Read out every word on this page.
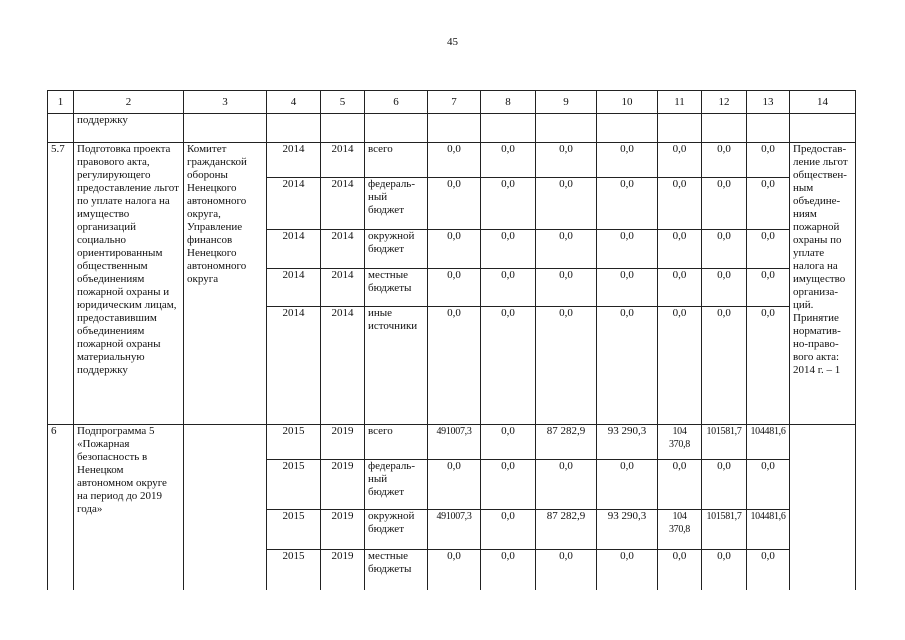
45
1	2	3	4	5	6	7	8	9	10	11	12	13	14
	поддержку												
5.7	Подготовка проекта правового акта, регулирующего предоставление льгот по уплате налога на имущество организаций социально ориентированным общественным объединениям пожарной охраны и юридическим лицам, предоставившим объединениям пожарной охраны материальную поддержку	Комитет гражданской обороны Ненецкого автономного округа, Управление финансов Ненецкого автономного округа	2014	2014	всего	0,0	0,0	0,0	0,0	0,0	0,0	0,0	Предостав-ление льгот обществен-ным объедине-ниям пожарной охраны по уплате налога на имущество организа-ций. Принятие норматив-но-право-вого акта: 2014 г. – 1
			2014	2014	федераль-ный бюджет	0,0	0,0	0,0	0,0	0,0	0,0	0,0	
			2014	2014	окружной бюджет	0,0	0,0	0,0	0,0	0,0	0,0	0,0	
			2014	2014	местные бюджеты	0,0	0,0	0,0	0,0	0,0	0,0	0,0	
			2014	2014	иные источники	0,0	0,0	0,0	0,0	0,0	0,0	0,0	
6	Подпрограмма 5 «Пожарная безопасность в Ненецком автономном округе на период до 2019 года»		2015	2019	всего	491007,3	0,0	87 282,9	93 290,3	104 370,8	101581,7	104481,6	
			2015	2019	федераль-ный бюджет	0,0	0,0	0,0	0,0	0,0	0,0	0,0	
			2015	2019	окружной бюджет	491007,3	0,0	87 282,9	93 290,3	104 370,8	101581,7	104481,6	
			2015	2019	местные бюджеты	0,0	0,0	0,0	0,0	0,0	0,0	0,0	
